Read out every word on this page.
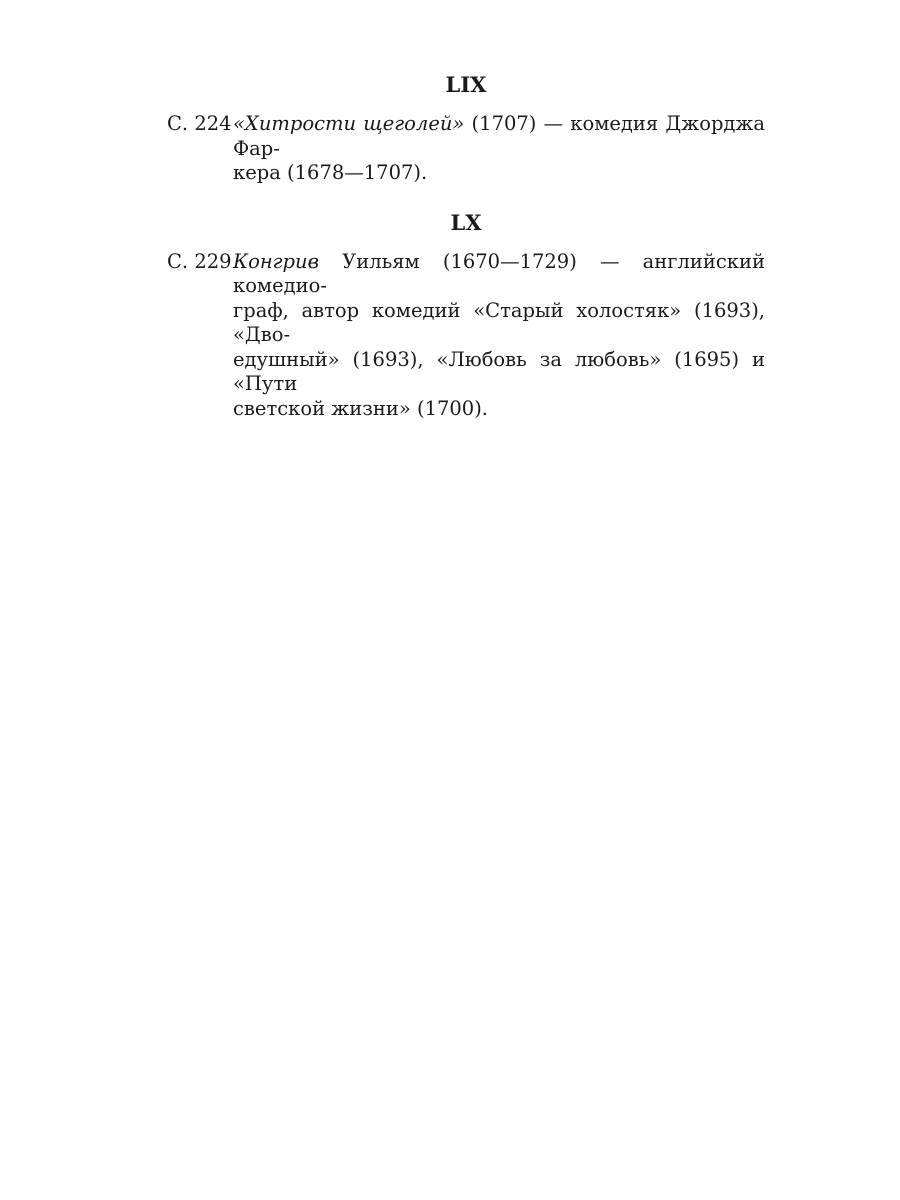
LIX
С. 224 «Хитрости щеголей» (1707) — комедия Джорджа Фар-
кера (1678—1707).
LX
С. 229 Конгрив Уильям (1670—1729) — английский комедио-
граф, автор комедий «Старый холостяк» (1693), «Дво-
едушный» (1693), «Любовь за любовь» (1695) и «Пути
светской жизни» (1700).
